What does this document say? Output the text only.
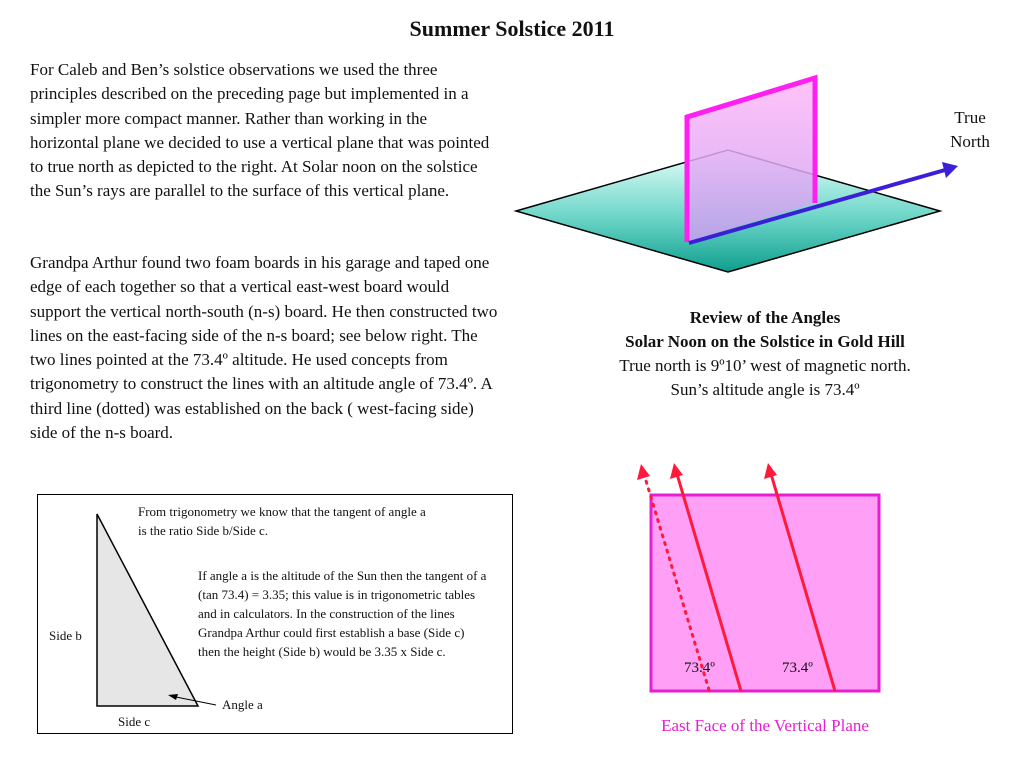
Summer Solstice 2011

For Caleb and Ben’s solstice observations we used the three principles described on the preceding page but implemented in a simpler more compact manner. Rather than working in the horizontal plane we decided to use a vertical plane that was pointed to true north as depicted to the right. At Solar noon on the solstice the Sun’s rays are parallel to the surface of this vertical plane.

Grandpa Arthur found two foam boards in his garage and taped one edge of each together so that a vertical east-west board would support the vertical north-south (n-s) board. He then constructed two lines on the east-facing side of the n-s board; see below right. The two lines pointed at the 73.4º altitude. He used concepts from trigonometry to construct the lines with an altitude angle of 73.4º. A third line (dotted) was established on the back ( west-facing side) side of the n-s board.

True
North
Review of the Angles
Solar Noon on the Solstice in Gold Hill
True north is 9º10’ west of magnetic north.
Sun’s altitude angle is 73.4º

From trigonometry we know that the tangent of angle a is the ratio Side b/Side c.

If angle a is the altitude of the Sun then the tangent of a (tan 73.4) = 3.35; this value is in trigonometric tables and in calculators. In the construction of the lines Grandpa Arthur could first establish a base (Side c) then the height (Side b) would be 3.35 x Side c.

Side b

Side c

Angle a

73.4º	73.4º
East Face of the Vertical Plane
